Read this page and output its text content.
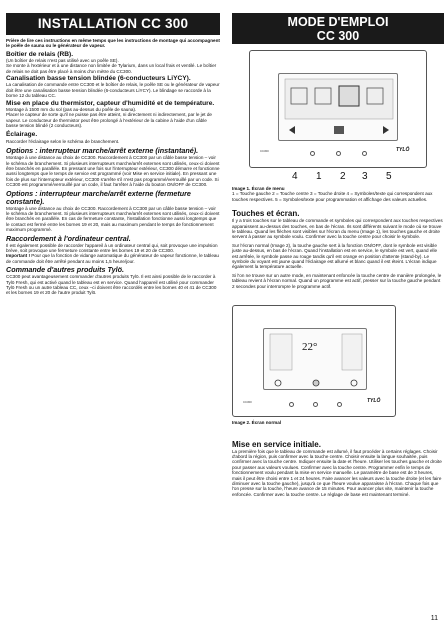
INSTALLATION CC 300
Prière de lire ces instructions en même temps que les instructions de montage qui accompagnent le poêle de sauna ou le générateur de vapeur.
Boîtier de relais (RB).
(Un boîtier de relais n'est pas utilisé avec un poêle SE).
Se monte à l'extérieur et à une distance non limitée de Tylarium, dans un local frais et ventilé. Le boîtier de relais ne doit pas être placé à moins d'un mètre du CC300.
Canalisation basse tension blindée (6-conducteurs LiYCY).
La canalisation de commande entre CC300 et le boîtier de relais, le poêle SE ou le générateur de vapeur doit être une canalisation basse tension blindée (6-conducteurs LiYCY). Le blindage se raccorde à la borne 12 du tableau CC.
Mise en place du thermistor, capteur d'humidité et de température.
Montage à 1500 mm du sol (pas au-dessus du poêle de sauna).
Placer le capteur de sorte qu'il ne puisse pas être atteint, ni directement ni indirectement, par le jet de vapeur. Le conducteur de thermistor peut être prolongé à l'extérieur de la cabine à l'aide d'un câble basse tension blindé (2 conducteurs).
Éclairage.
Raccorder l'éclairage selon le schéma de branchement.
Options : interrupteur marche/arrêt externe (instantané).
Montage à une distance au choix de CC300. Raccordement à CC300 par un câble basse tension – voir le schéma de branchement. Si plusieurs interrupteurs marche/arrêt externes sont utilisés, ceux-ci doivent être branchés en parallèle. En pressant une fois sur l'interrupteur extérieur, CC300 démarre et fonctionne aussi longtemps que le temps de service est programmé (voir Mise en service initiale). En pressant une fois de plus sur l'interrupteur extérieur, CC300 s'arrête s'il n'est pas programmé/verrouillé par un code. Si CC300 est programmé/verrouillé par un code, il faut l'arrêter à l'aide du bouton ON/OFF de CC300.
Options : interrupteur marche/arrêt externe (fermeture constante).
Montage à une distance au choix de CC300. Raccordement à CC300 par un câble basse tension – voir le schéma de branchement. Si plusieurs interrupteurs marche/arrêt externes sont utilisés, ceux-ci doivent être branchés en parallèle. En cas de fermeture constante, l'installation fonctionne aussi longtemps que le contact est fermé entre les bornes 19 et 20, mais au maximum pendant le temps de fonctionnement maximum programmé.
Raccordement à l'ordinateur central.
Il est également possible de raccorder l'appareil à un ordinateur central qui, soit provoque une impulsion brève, soit provoque une fermeture constante entre les bornes 19 et 20 de CC300.
Important ! Pour que la fonction de vidange automatique du générateur de vapeur fonctionne, le tableau de commande doit être arrêté pendant au moins 1,5 heure/jour.
Commande d'autres produits Tylö.
CC300 peut avantageusement commander d'autres produits Tylö. Il est ainsi possible de le raccorder à Tylö Fresh, qui est activé quand le tableau est en service. Quand l'appareil est utilisé pour commander Tylö Fresh ou un autre tableau CC, ceux –ci doivent être raccordés entre les bornes 40 et 41 de CC300 et les bornes 19 et 20 de l'autre produit Tylö.
MODE D'EMPLOI
CC 300
TYLÖ
CC300
4 1 2 3 5
Image 1. Écran de menu
1 = Touche gauche 2 = Touche centre 3 = Touche droite 4 = Symboles/texte qui correspondent aux touches respectives. 5 = Symboles/texte pour programmation et affichage des valeurs actuelles.
Touches et écran.
Il y a trois touches sur le tableau de commande et symboles qui correspondent aux touches respectives apparaissent au-dessus des touches, en bas de l'écran. Ils sont différents suivant le mode où se trouve le tableau. Quand les flèches sont visibles sur l'écran du menu (Image 1), les touches gauche et droite servent à passer au symbole voulu. Confirmer avec la touche centre pour choisir le symbole.
Sur l'écran normal (Image 2), la touche gauche sert à la fonction ON/OFF, dont le symbole est visible juste au-dessus, en bas de l'écran. Quand l'installation est en service, le symbole est vert, quand elle est arrêtée, le symbole passe au rouge tandis qu'il est orange en position d'attente (stand-by). Le symbole du voyant est jaune quand l'éclairage est allumé et blanc quand il est éteint. L'écran indique également la température actuelle.
Si l'on ne trouve sur un autre mode, en maintenant enfoncée la touche centre de manière prolongée, le tableau revient à l'écran normal. Quand un programme est actif, presser sur la touche gauche pendant 2 secondes pour interrompre le programme actif.
22°
TYLÖ
CC300
Image 2. Écran normal
Mise en service initiale.
La première fois que le tableau de commande est allumé, il faut procéder à certains réglages. Choisir d'abord la région, puis confirmer avec la touche centre. Choisir ensuite la langue souhaitée, puis confirmer avec la touche centre. Indiquer ensuite la date et l'heure. Utiliser les touches gauche et droite pour passer aux valeurs voulues. Confirmer avec la touche centre. Programmer enfin le temps de fonctionnement voulu pendant la mise en service manuelle. Le paramètre de base est de 3 heures, mais il peut être choisi entre 1 et 24 heures. Faire avancer les valeurs avec la touche droite (et les faire diminuer avec la touche gauche), jusqu'à ce que l'heure voulue apparaisse à l'écran. Chaque fois que l'on presse sur la touche, l'heure avance de 15 minutes. Pour avancer plus vite, maintenir la touche enfoncée. Confirmer avec la touche centre. Le réglage de base est maintenant terminé.
11
